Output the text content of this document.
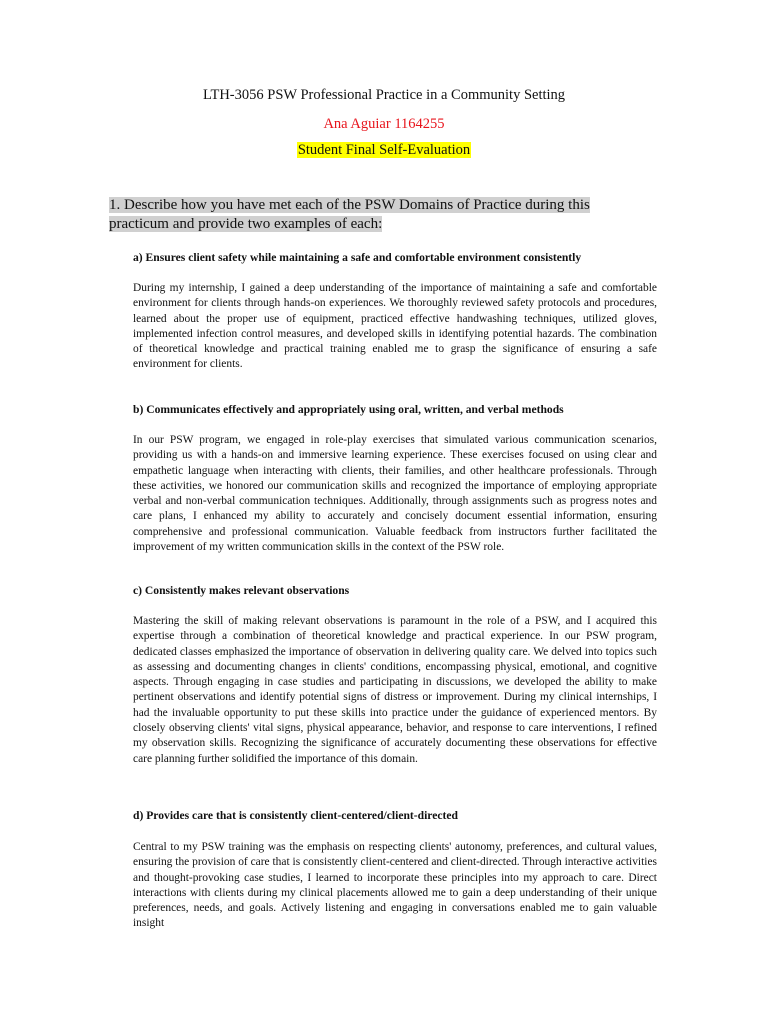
LTH-3056 PSW Professional Practice in a Community Setting
Ana Aguiar 1164255
Student Final Self-Evaluation
1. Describe how you have met each of the PSW Domains of Practice during this
practicum and provide two examples of each:
a) Ensures client safety while maintaining a safe and comfortable environment consistently

During my internship, I gained a deep understanding of the importance of maintaining a safe and comfortable environment for clients through hands-on experiences. We thoroughly reviewed safety protocols and procedures, learned about the proper use of equipment, practiced effective handwashing techniques, utilized gloves, implemented infection control measures, and developed skills in identifying potential hazards. The combination of theoretical knowledge and practical training enabled me to grasp the significance of ensuring a safe environment for clients.

b) Communicates effectively and appropriately using oral, written, and verbal methods

In our PSW program, we engaged in role-play exercises that simulated various communication scenarios, providing us with a hands-on and immersive learning experience. These exercises focused on using clear and empathetic language when interacting with clients, their families, and other healthcare professionals. Through these activities, we honored our communication skills and recognized the importance of employing appropriate verbal and non-verbal communication techniques. Additionally, through assignments such as progress notes and care plans, I enhanced my ability to accurately and concisely document essential information, ensuring comprehensive and professional communication. Valuable feedback from instructors further facilitated the improvement of my written communication skills in the context of the PSW role.

c) Consistently makes relevant observations

Mastering the skill of making relevant observations is paramount in the role of a PSW, and I acquired this expertise through a combination of theoretical knowledge and practical experience. In our PSW program, dedicated classes emphasized the importance of observation in delivering quality care. We delved into topics such as assessing and documenting changes in clients' conditions, encompassing physical, emotional, and cognitive aspects. Through engaging in case studies and participating in discussions, we developed the ability to make pertinent observations and identify potential signs of distress or improvement. During my clinical internships, I had the invaluable opportunity to put these skills into practice under the guidance of experienced mentors. By closely observing clients' vital signs, physical appearance, behavior, and response to care interventions, I refined my observation skills. Recognizing the significance of accurately documenting these observations for effective care planning further solidified the importance of this domain.

d) Provides care that is consistently client-centered/client-directed

Central to my PSW training was the emphasis on respecting clients' autonomy, preferences, and cultural values, ensuring the provision of care that is consistently client-centered and client-directed. Through interactive activities and thought-provoking case studies, I learned to incorporate these principles into my approach to care. Direct interactions with clients during my clinical placements allowed me to gain a deep understanding of their unique preferences, needs, and goals. Actively listening and engaging in conversations enabled me to gain valuable insight
